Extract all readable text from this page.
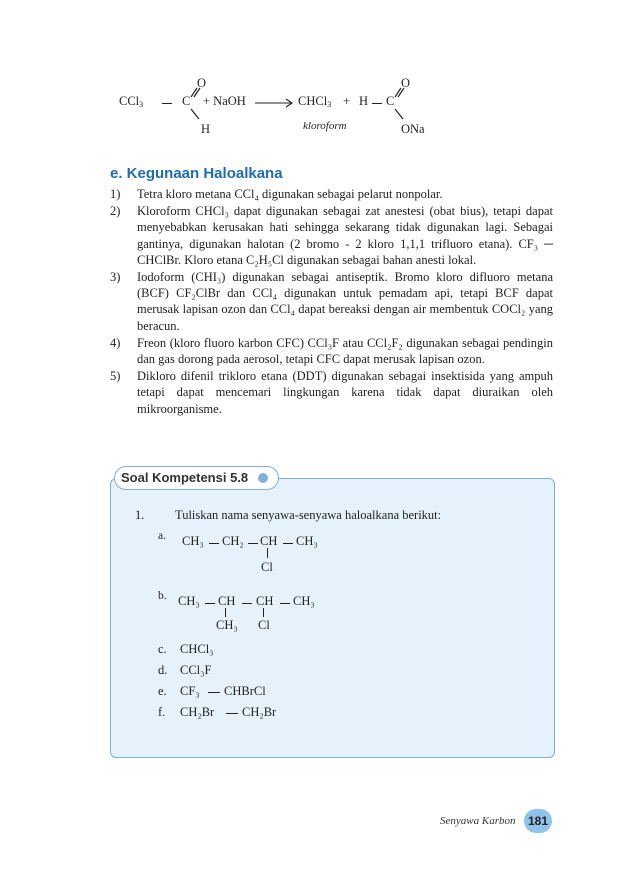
CCl$_3$	C
O
H
+ NaOH → CHCl$_3$ + H C
O
ONa
kloroform
e. Kegunaan Haloalkana
1) Tetra kloro metana CCl₄ digunakan sebagai pelarut nonpolar.
2) Kloroform CHCl₃ dapat digunakan sebagai zat anestesi (obat bius), tetapi dapat menyebabkan kerusakan hati sehingga sekarang tidak digunakan lagi. Sebagai gantinya, digunakan halotan (2 bromo - 2 kloro 1,1,1 trifluoro etana). CF₃ ─ CHClBr. Kloro etana C₂H₅Cl digunakan sebagai bahan anesti lokal.
3) Iodoform (CHI₃) digunakan sebagai antiseptik. Bromo kloro difluoro metana (BCF) CF₂ClBr dan CCl₄ digunakan untuk pemadam api, tetapi BCF dapat merusak lapisan ozon dan CCl₄ dapat bereaksi dengan air membentuk COCl₂ yang beracun.
4) Freon (kloro fluoro karbon CFC) CCl₃F atau CCl₂F₂ digunakan sebagai pendingin dan gas dorong pada aerosol, tetapi CFC dapat merusak lapisan ozon.
5) Dikloro difenil trikloro etana (DDT) digunakan sebagai insektisida yang ampuh tetapi dapat mencemari lingkungan karena tidak dapat diuraikan oleh mikroorganisme.
Soal Kompetensi 5.8
1. Tuliskan nama senyawa-senyawa haloalkana berikut:
a. CH₃ CH₂ CH CH₃
Cl
b. CH₃ CH CH CH₃
CH₃ Cl
c. CHCl₃
d. CCl₃F
e. CF₃ CHBrCl
f. CH₂Br CH₂Br
Senyawa Karbon	181
